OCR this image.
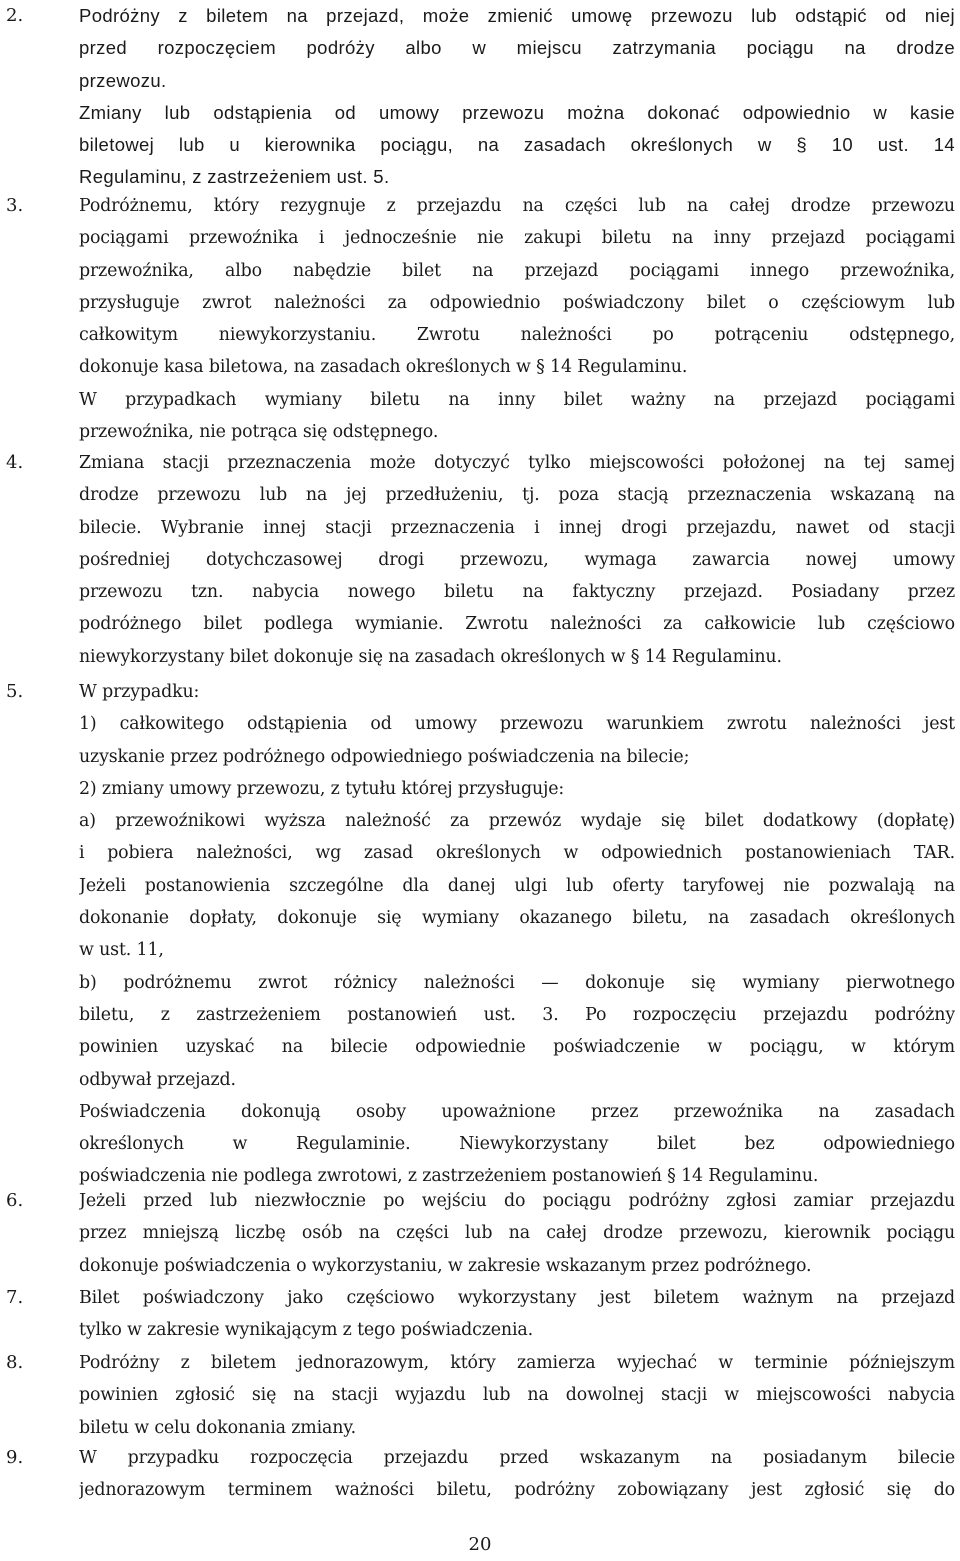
2.	Podróżny z biletem na przejazd, może zmienić umowę przewozu lub odstąpić od niej
przed rozpoczęciem podróży albo w miejscu zatrzymania pociągu na drodze
przewozu.
Zmiany lub odstąpienia od umowy przewozu można dokonać odpowiednio w kasie
biletowej lub u kierownika pociągu, na zasadach określonych w § 10 ust. 14
Regulaminu, z zastrzeżeniem ust. 5.
3.	Podróżnemu, który rezygnuje z przejazdu na części lub na całej drodze przewozu
pociągami przewoźnika i jednocześnie nie zakupi biletu na inny przejazd pociągami
przewoźnika, albo nabędzie bilet na przejazd pociągami innego przewoźnika,
przysługuje zwrot należności za odpowiednio poświadczony bilet o częściowym lub
całkowitym niewykorzystaniu. Zwrotu należności po potrąceniu odstępnego,
dokonuje kasa biletowa, na zasadach określonych w § 14 Regulaminu.
W przypadkach wymiany biletu na inny bilet ważny na przejazd pociągami
przewoźnika, nie potrąca się odstępnego.
4.	Zmiana stacji przeznaczenia może dotyczyć tylko miejscowości położonej na tej samej
drodze przewozu lub na jej przedłużeniu, tj. poza stacją przeznaczenia wskazaną na
bilecie. Wybranie innej stacji przeznaczenia i innej drogi przejazdu, nawet od stacji
pośredniej dotychczasowej drogi przewozu, wymaga zawarcia nowej umowy
przewozu tzn. nabycia nowego biletu na faktyczny przejazd. Posiadany przez
podróżnego bilet podlega wymianie. Zwrotu należności za całkowicie lub częściowo
niewykorzystany bilet dokonuje się na zasadach określonych w § 14 Regulaminu.
5.	W przypadku:
1) całkowitego odstąpienia od umowy przewozu warunkiem zwrotu należności jest
uzyskanie przez podróżnego odpowiedniego poświadczenia na bilecie;
2) zmiany umowy przewozu, z tytułu której przysługuje:
a) przewoźnikowi wyższa należność za przewóz wydaje się bilet dodatkowy (dopłatę)
i pobiera należności, wg zasad określonych w odpowiednich postanowieniach TAR.
Jeżeli postanowienia szczególne dla danej ulgi lub oferty taryfowej nie pozwalają na
dokonanie dopłaty, dokonuje się wymiany okazanego biletu, na zasadach określonych
w ust. 11,
b) podróżnemu zwrot różnicy należności — dokonuje się wymiany pierwotnego
biletu, z zastrzeżeniem postanowień ust. 3. Po rozpoczęciu przejazdu podróżny
powinien uzyskać na bilecie odpowiednie poświadczenie w pociągu, w którym
odbywał przejazd.
Poświadczenia dokonują osoby upoważnione przez przewoźnika na zasadach
określonych w Regulaminie. Niewykorzystany bilet bez odpowiedniego
poświadczenia nie podlega zwrotowi, z zastrzeżeniem postanowień § 14 Regulaminu.
6.	Jeżeli przed lub niezwłocznie po wejściu do pociągu podróżny zgłosi zamiar przejazdu
przez mniejszą liczbę osób na części lub na całej drodze przewozu, kierownik pociągu
dokonuje poświadczenia o wykorzystaniu, w zakresie wskazanym przez podróżnego.
7.	Bilet poświadczony jako częściowo wykorzystany jest biletem ważnym na przejazd
tylko w zakresie wynikającym z tego poświadczenia.
8.	Podróżny z biletem jednorazowym, który zamierza wyjechać w terminie późniejszym
powinien zgłosić się na stacji wyjazdu lub na dowolnej stacji w miejscowości nabycia
biletu w celu dokonania zmiany.
9.	W przypadku rozpoczęcia przejazdu przed wskazanym na posiadanym bilecie
jednorazowym terminem ważności biletu, podróżny zobowiązany jest zgłosić się do
20
